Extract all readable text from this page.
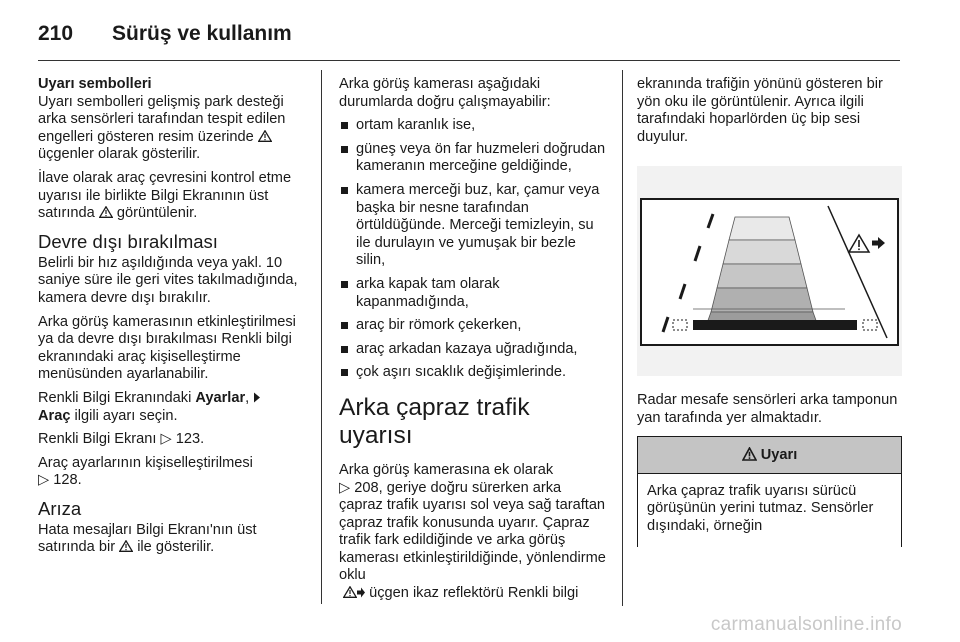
210 Sürüş ve kullanım

Uyarı sembolleri

Uyarı sembolleri gelişmiş park desteği arka sensörleri tarafından tespit edilen engelleri gösteren resim üzerinde  üçgenler olarak gösterilir.

İlave olarak araç çevresini kontrol etme uyarısı ile birlikte Bilgi Ekranının üst satırında görüntülenir.

Devre dışı bırakılması

Belirli bir hız aşıldığında veya yakl. 10 saniye süre ile geri vites takılmadığında, kamera devre dışı bırakılır.

Arka görüş kamerasının etkinleştirilmesi ya da devre dışı bırakılması Renkli bilgi ekranındaki araç kişiselleştirme menüsünden ayarlanabilir.

Renkli Bilgi Ekranındaki Ayarlar,
Araç ilgili ayarı seçin.

Renkli Bilgi Ekranı ▷ 123.

Araç ayarlarının kişiselleştirilmesi
▷ 128.

Arıza

Hata mesajları Bilgi Ekranı'nın üst satırında bir ile gösterilir.

Arka görüş kamerası aşağıdaki durumlarda doğru çalışmayabilir:

ortam karanlık ise,
güneş veya ön far huzmeleri doğrudan kameranın merceğine geldiğinde,
kamera merceği buz, kar, çamur veya başka bir nesne tarafından örtüldüğünde. Merceği temizleyin, su ile durulayın ve yumuşak bir bezle silin,
arka kapak tam olarak kapanmadığında,
araç bir römork çekerken,
araç arkadan kazaya uğradığında,
çok aşırı sıcaklık değişimlerinde.
Arka çapraz trafik uyarısı

Arka görüş kamerasına ek olarak
▷ 208, geriye doğru sürerken arka çapraz trafik uyarısı sol veya sağ taraftan çapraz trafik konusunda uyarır. Çapraz trafik fark edildiğinde ve arka görüş kamerası etkinleştirildiğinde, yönlendirme oklu
üçgen ikaz reflektörü Renkli bilgi

ekranında trafiğin yönünü gösteren bir yön oku ile görüntülenir. Ayrıca ilgili tarafındaki hoparlörden üç bip sesi duyulur.

Radar mesafe sensörleri arka tamponun yan tarafında yer almaktadır.

Uyarı
Arka çapraz trafik uyarısı sürücü görüşünün yerini tutmaz. Sensörler dışındaki, örneğin
carmanualsonline.info
